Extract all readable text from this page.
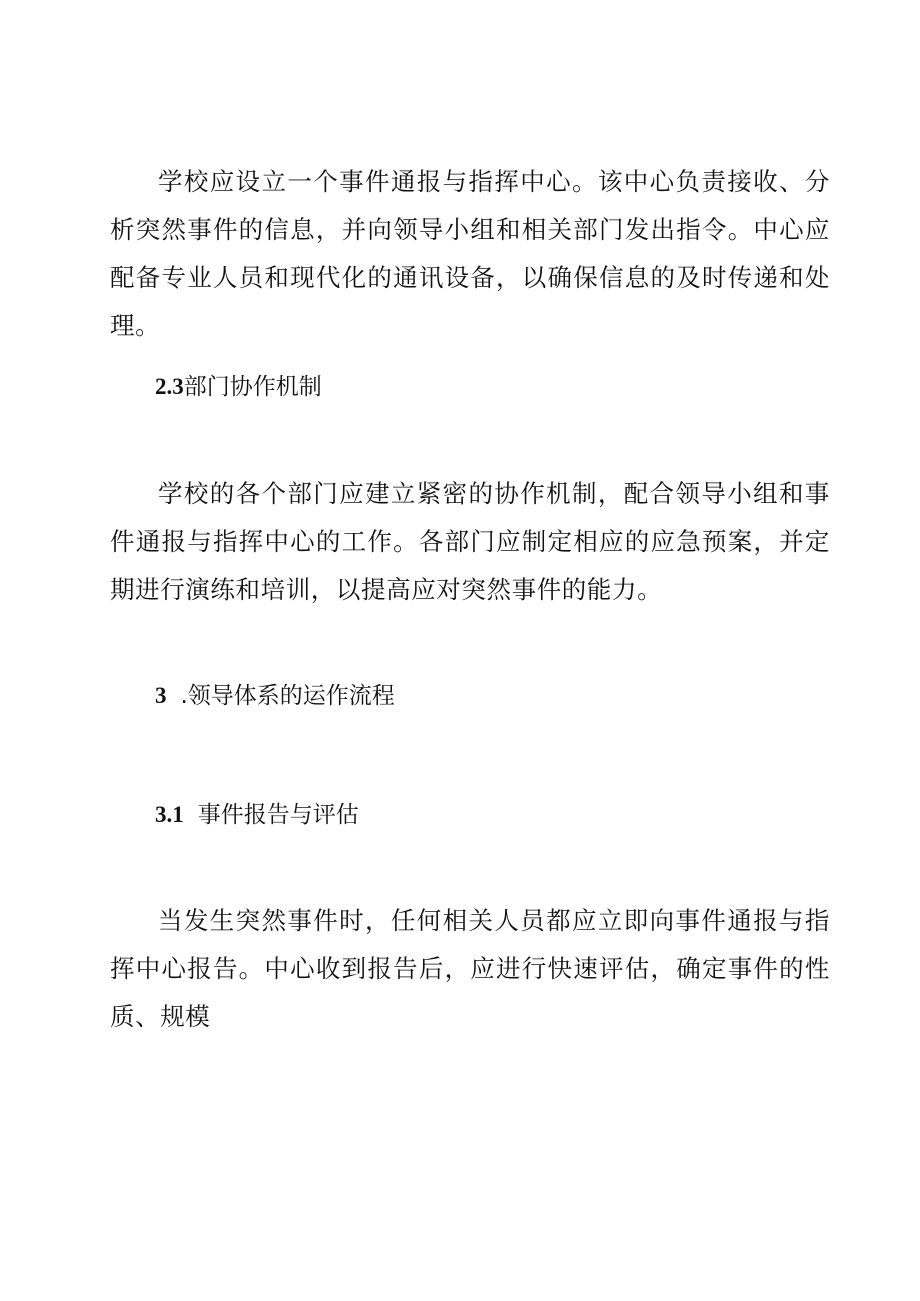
学校应设立一个事件通报与指挥中心。该中心负责接收、分析突然事件的信息，并向领导小组和相关部门发出指令。中心应配备专业人员和现代化的通讯设备，以确保信息的及时传递和处理。

2.3部门协作机制

学校的各个部门应建立紧密的协作机制，配合领导小组和事件通报与指挥中心的工作。各部门应制定相应的应急预案，并定期进行演练和培训，以提高应对突然事件的能力。

3 .领导体系的运作流程
3.1 事件报告与评估

当发生突然事件时，任何相关人员都应立即向事件通报与指挥中心报告。中心收到报告后，应进行快速评估，确定事件的性质、规模
